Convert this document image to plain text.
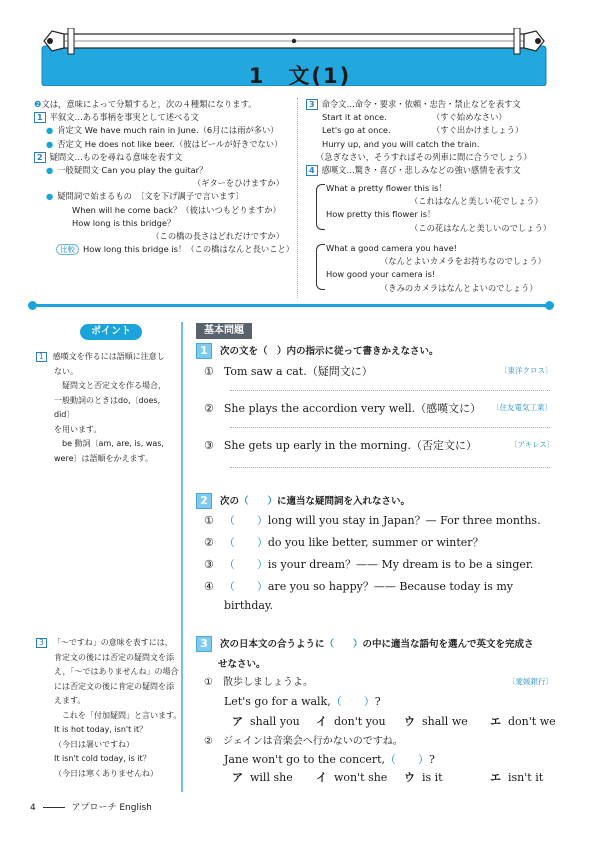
1　文(1)
❷文は，意味によって分類すると，次の４種類になります。
1 平叙文…ある事柄を事実として述べる文
● 肯定文 We have much rain in June.（6月には雨が多い）
● 否定文 He does not like beer.（彼はビールが好きでない）
2 疑問文…ものを尋ねる意味を表す文
● 一般疑問文 Can you play the guitar？
（ギターをひけますか）
● 疑問詞で始まるもの　〔文を下げ調子で言います〕
When will he come back？（彼はいつもどりますか）
How long is this bridge？
（この橋の長さはどれだけですか）
比較 How long this bridge is！（この橋はなんと長いこと）
3 命令文…命令・要求・依頼・忠告・禁止などを表す文
Start it at once.	（すぐ始めなさい）
Let's go at once.	（すぐ出かけましょう）
Hurry up, and you will catch the train.
（急ぎなさい，そうすればその列車に間に合うでしょう）
4 感嘆文…驚き・喜び・悲しみなどの強い感情を表す文
What a pretty flower this is！
（これはなんと美しい花でしょう）
How pretty this flower is！
（この花はなんと美しいのでしょう）
What a good camera you have!
（なんとよいカメラをお持ちなのでしょう）
How good your camera is!
（きみのカメラはなんとよいのでしょう）
ポイント
1 感嘆文を作るには語順に注意し
ない。
疑問文と否定文を作る場合，
一般動詞のときはdo,〔does, did〕
を用います。
be 動詞〔am, are, is, was,
were〕は語順をかえます。
3 「～ですね」の意味を表すには，
肯定文の後には否定の疑問文を添
え，「～ではありませんね」の場合
には否定文の後に肯定の疑問を添
えます。
これを「付加疑問」と言います。
It is hot today, isn't it？
（今日は暑いですね）
It isn't cold today, is it？
（今日は寒くありませんね）
基本問題
1 次の文を（　）内の指示に従って書きかえなさい。
① Tom saw a cat.（疑問文に）	〔東洋クロス〕
② She plays the accordion very well.（感嘆文に） 〔住友電気工業〕
③ She gets up early in the morning.（否定文に）	〔アキレス〕
2 次の（　　）に適当な疑問詞を入れなさい。
① （　　）long will you stay in Japan？— For three months.
② （　　）do you like better, summer or winter？
③ （　　）is your dream？—— My dream is to be a singer.
④ （　　）are you so happy？—— Because today is my
birthday.
3 次の日本文の合うように（　　）の中に適当な語句を選んで英文を完成さ
せなさい。
① 散歩しましょうよ。	〔愛媛銀行〕
Let's go for a walk,（　　）?
ア shall you イ don't you ウ shall we エ don't we
② ジェインは音楽会へ行かないのですね。
Jane won't go to the concert,（　　）?
ア will she イ won't she ウ is it	エ isn't it
4	アプローチ English
